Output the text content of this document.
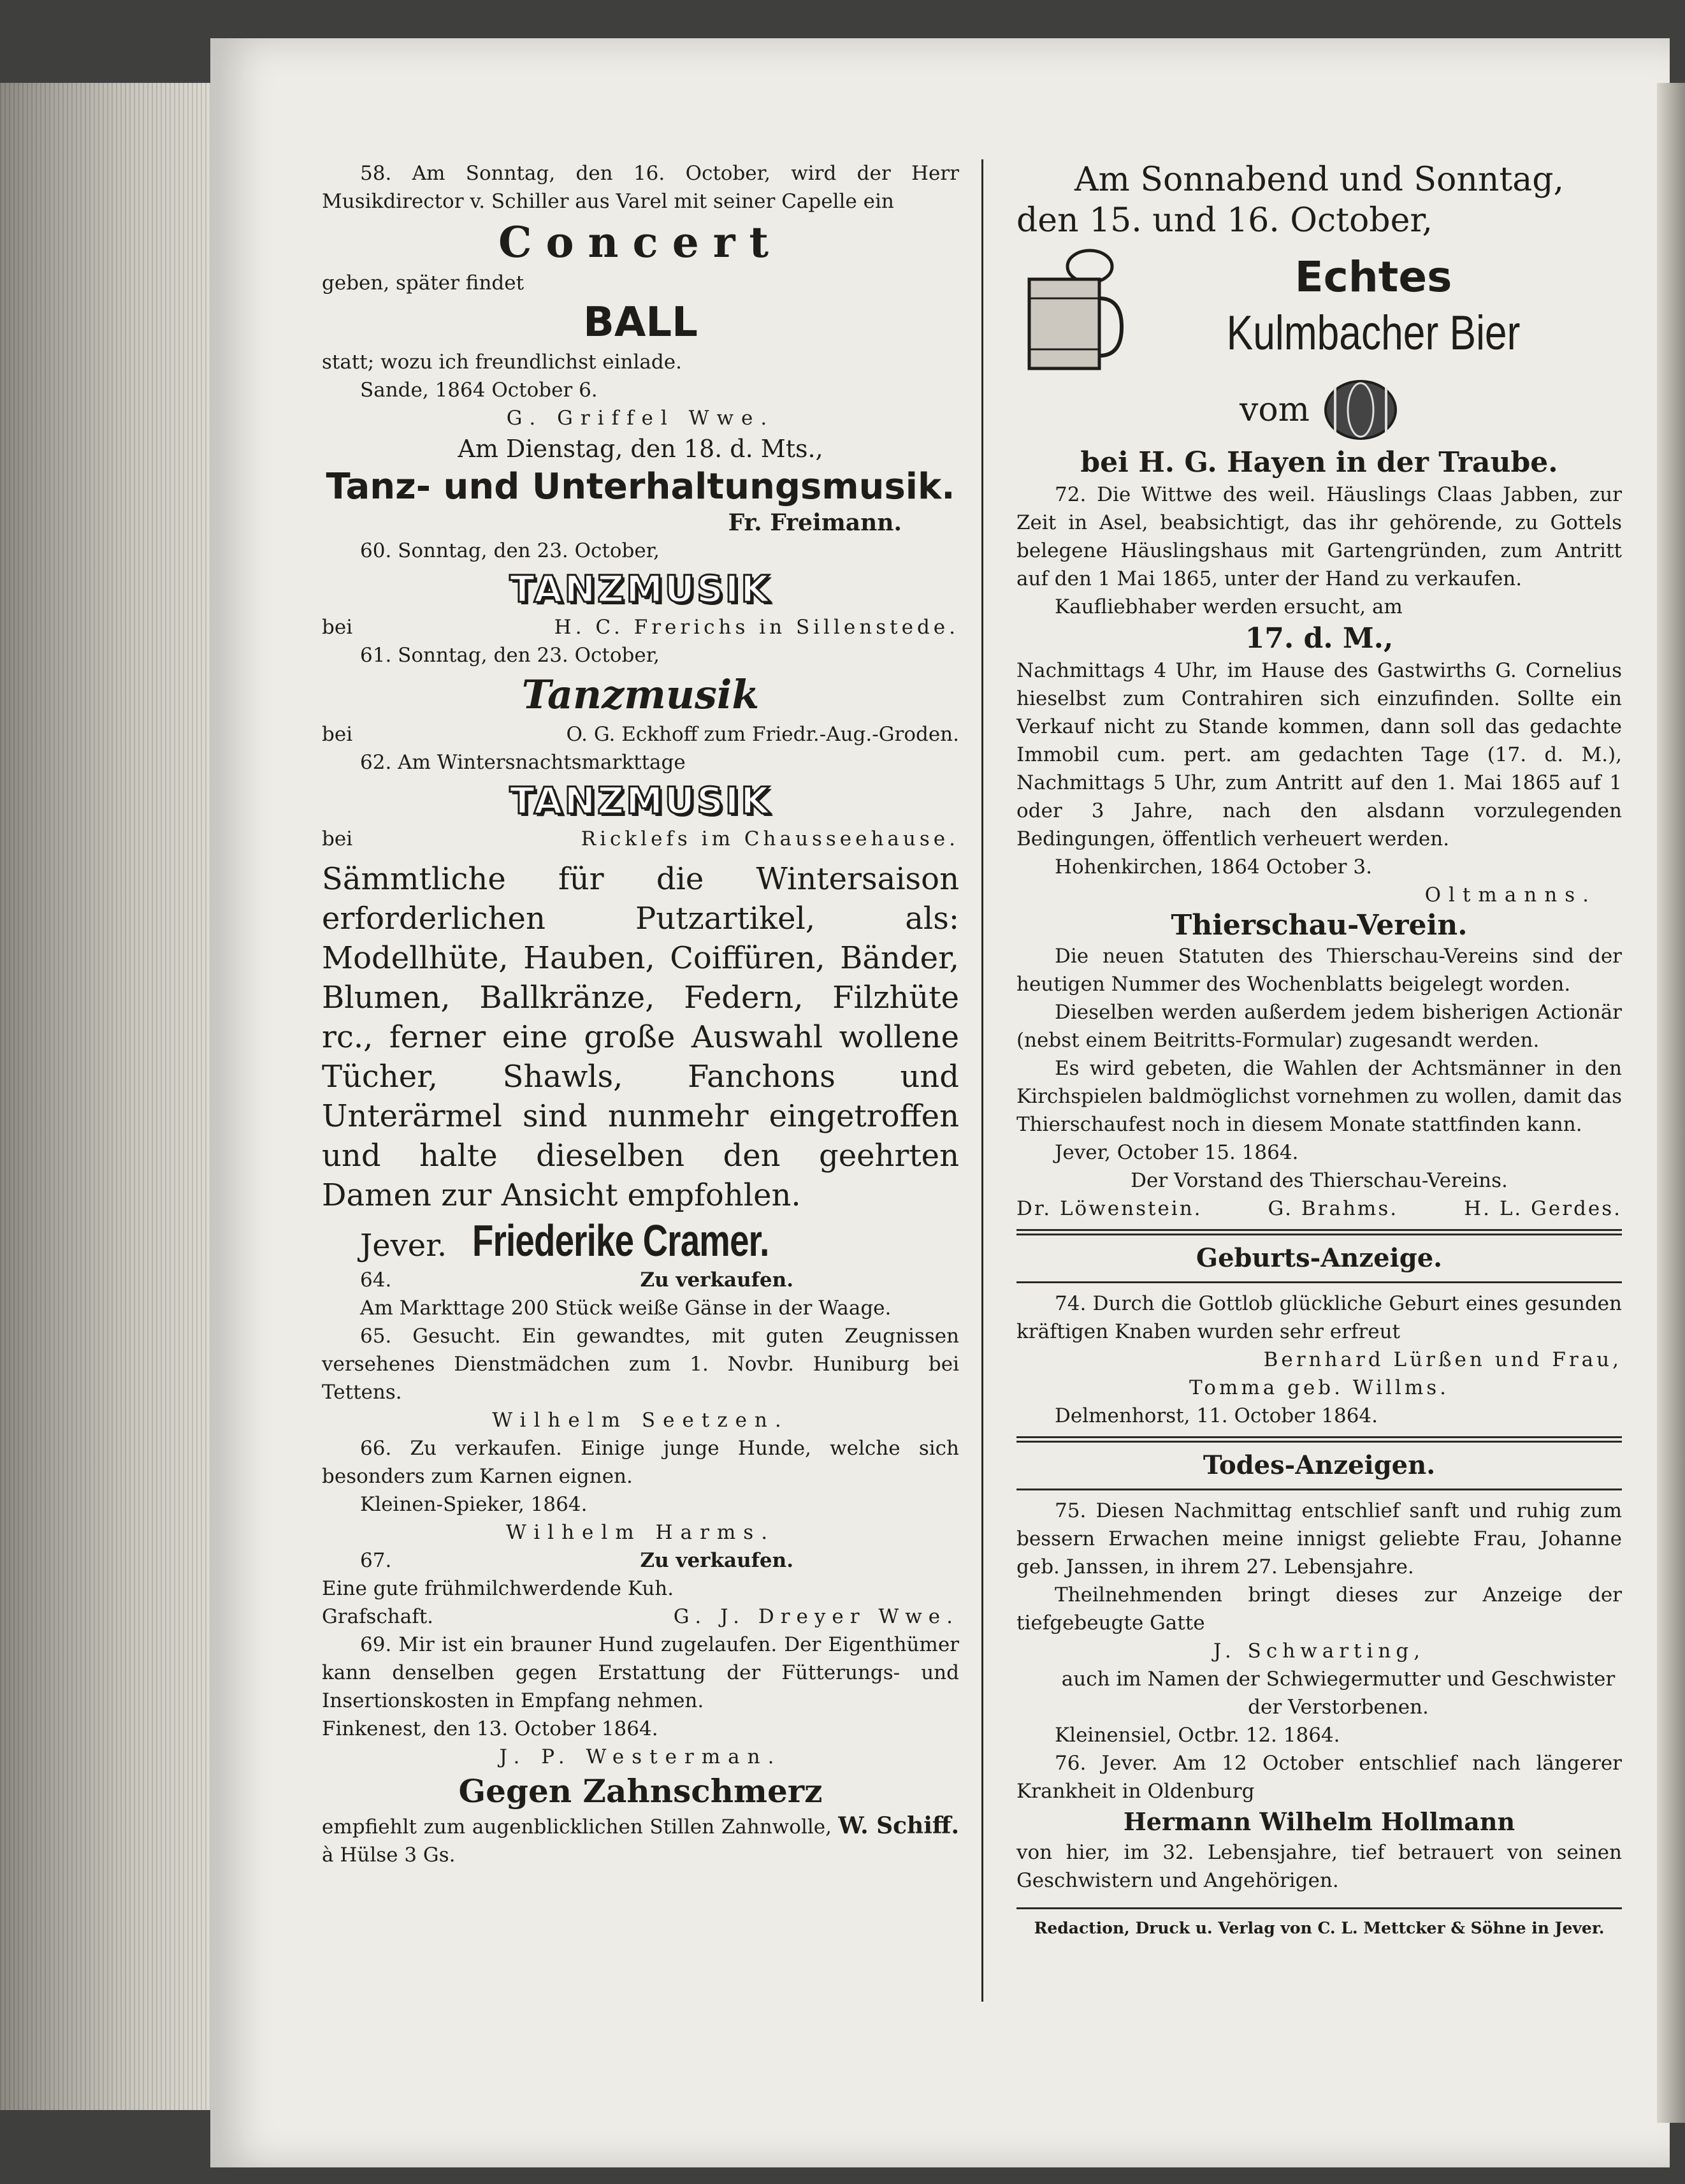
58. Am Sonntag, den 16. October, wird der Herr Musikdirector v. Schiller aus Varel mit seiner Capelle ein

Concert

geben, später findet

BALL

statt; wozu ich freundlichst einlade.

Sande, 1864 October 6.

G. Griffel Wwe.

Am Dienstag, den 18. d. Mts.,

Tanz- und Unterhaltungsmusik.

Fr. Freimann.

60. Sonntag, den 23. October,

TANZMUSIK

bei	H. C. Frerichs in Sillenstede.

61. Sonntag, den 23. October,

Tanzmusik

bei	O. G. Eckhoff zum Friedr.-Aug.-Groden.

62. Am Wintersnachtsmarkttage

TANZMUSIK

bei	Ricklefs im Chausseehause.

Sämmtliche für die Wintersaison erforderlichen Putzartikel, als: Modellhüte, Hauben, Coiffüren, Bänder, Blumen, Ballkränze, Federn, Filzhüte rc., ferner eine große Auswahl wollene Tücher, Shawls, Fanchons und Unterärmel sind nunmehr eingetroffen und halte dieselben den geehrten Damen zur Ansicht empfohlen.

Jever. Friederike Cramer.
64.	Zu verkaufen.

Am Markttage 200 Stück weiße Gänse in der Waage.

65. Gesucht. Ein gewandtes, mit guten Zeugnissen versehenes Dienstmädchen zum 1. Novbr. Huniburg bei Tettens.

Wilhelm Seetzen.

66. Zu verkaufen. Einige junge Hunde, welche sich besonders zum Karnen eignen.

Kleinen-Spieker, 1864.

Wilhelm Harms.

67.	Zu verkaufen.

Eine gute frühmilchwerdende Kuh.

Grafschaft.	G. J. Dreyer Wwe.

69. Mir ist ein brauner Hund zugelaufen. Der Eigenthümer kann denselben gegen Erstattung der Fütterungs- und Insertionskosten in Empfang nehmen.

Finkenest, den 13. October 1864.

J. P. Westerman.

Gegen Zahnschmerz

empfiehlt zum augenblicklichen Stillen Zahnwolle, à Hülse 3 Gs.
W. Schiff.

Am Sonnabend und Sonntag,

den 15. und 16. October,

Echtes

Kulmbacher Bier

vom

bei H. G. Hayen in der Traube.

72. Die Wittwe des weil. Häuslings Claas Jabben, zur Zeit in Asel, beabsichtigt, das ihr gehörende, zu Gottels belegene Häuslingshaus mit Gartengründen, zum Antritt auf den 1 Mai 1865, unter der Hand zu verkaufen.

Kaufliebhaber werden ersucht, am

17. d. M.,

Nachmittags 4 Uhr, im Hause des Gastwirths G. Cornelius hieselbst zum Contrahiren sich einzufinden. Sollte ein Verkauf nicht zu Stande kommen, dann soll das gedachte Immobil cum. pert. am gedachten Tage (17. d. M.), Nachmittags 5 Uhr, zum Antritt auf den 1. Mai 1865 auf 1 oder 3 Jahre, nach den alsdann vorzulegenden Bedingungen, öffentlich verheuert werden.

Hohenkirchen, 1864 October 3.

Oltmanns.

Thierschau-Verein.

Die neuen Statuten des Thierschau-Vereins sind der heutigen Nummer des Wochenblatts beigelegt worden.

Dieselben werden außerdem jedem bisherigen Actionär (nebst einem Beitritts-Formular) zugesandt werden.

Es wird gebeten, die Wahlen der Achtsmänner in den Kirchspielen baldmöglichst vornehmen zu wollen, damit das Thierschaufest noch in diesem Monate stattfinden kann.

Jever, October 15. 1864.

Der Vorstand des Thierschau-Vereins.

Dr. Löwenstein.	G. Brahms.	H. L. Gerdes.

Geburts-Anzeige.

74. Durch die Gottlob glückliche Geburt eines gesunden kräftigen Knaben wurden sehr erfreut

Bernhard Lürßen und Frau,

Tomma geb. Willms.

Delmenhorst, 11. October 1864.

Todes-Anzeigen.

75. Diesen Nachmittag entschlief sanft und ruhig zum bessern Erwachen meine innigst geliebte Frau, Johanne geb. Janssen, in ihrem 27. Lebensjahre.

Theilnehmenden bringt dieses zur Anzeige der tiefgebeugte Gatte

J. Schwarting,

auch im Namen der Schwiegermutter und Geschwister der Verstorbenen.

Kleinensiel, Octbr. 12. 1864.

76. Jever. Am 12 October entschlief nach längerer Krankheit in Oldenburg

Hermann Wilhelm Hollmann

von hier, im 32. Lebensjahre, tief betrauert von seinen Geschwistern und Angehörigen.

Redaction, Druck u. Verlag von C. L. Mettcker & Söhne in Jever.
